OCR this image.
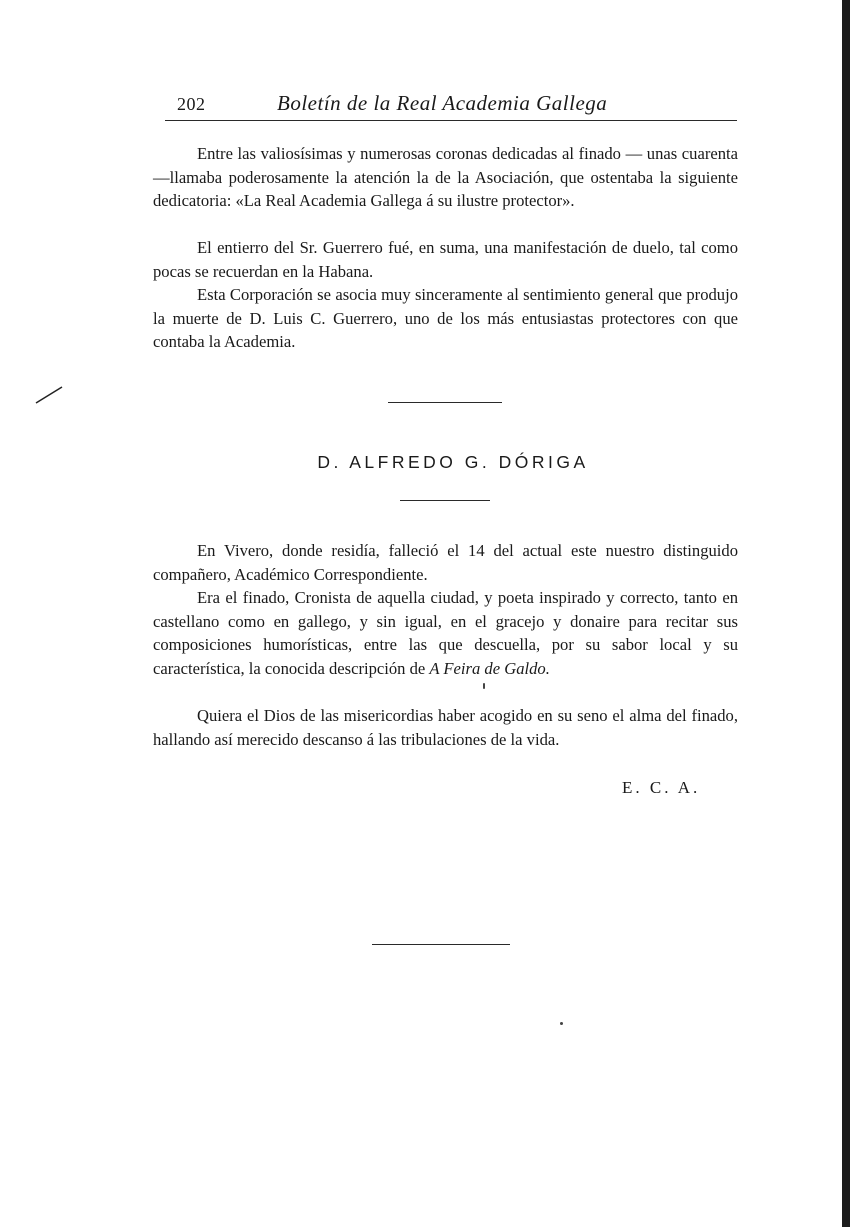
202	Boletín de la Real Academia Gallega

Entre las valiosísimas y numerosas coronas dedicadas al finado — unas cuarenta—llamaba poderosamente la atención la de la Asociación, que ostentaba la siguiente dedicatoria: «La Real Academia Gallega á su ilustre protector».

El entierro del Sr. Guerrero fué, en suma, una manifestación de duelo, tal como pocas se recuerdan en la Habana.

Esta Corporación se asocia muy sinceramente al sentimiento general que produjo la muerte de D. Luis C. Guerrero, uno de los más entusiastas protectores con que contaba la Academia.

D. ALFREDO G. DÓRIGA

En Vivero, donde residía, falleció el 14 del actual este nuestro distinguido compañero, Académico Correspondiente.

Era el finado, Cronista de aquella ciudad, y poeta inspirado y correcto, tanto en castellano como en gallego, y sin igual, en el gracejo y donaire para recitar sus composiciones humorísticas, entre las que descuella, por su sabor local y su característica, la conocida descripción de A Feira de Galdo.

Quiera el Dios de las misericordias haber acogido en su seno el alma del finado, hallando así merecido descanso á las tribulaciones de la vida.

E. C. A.
